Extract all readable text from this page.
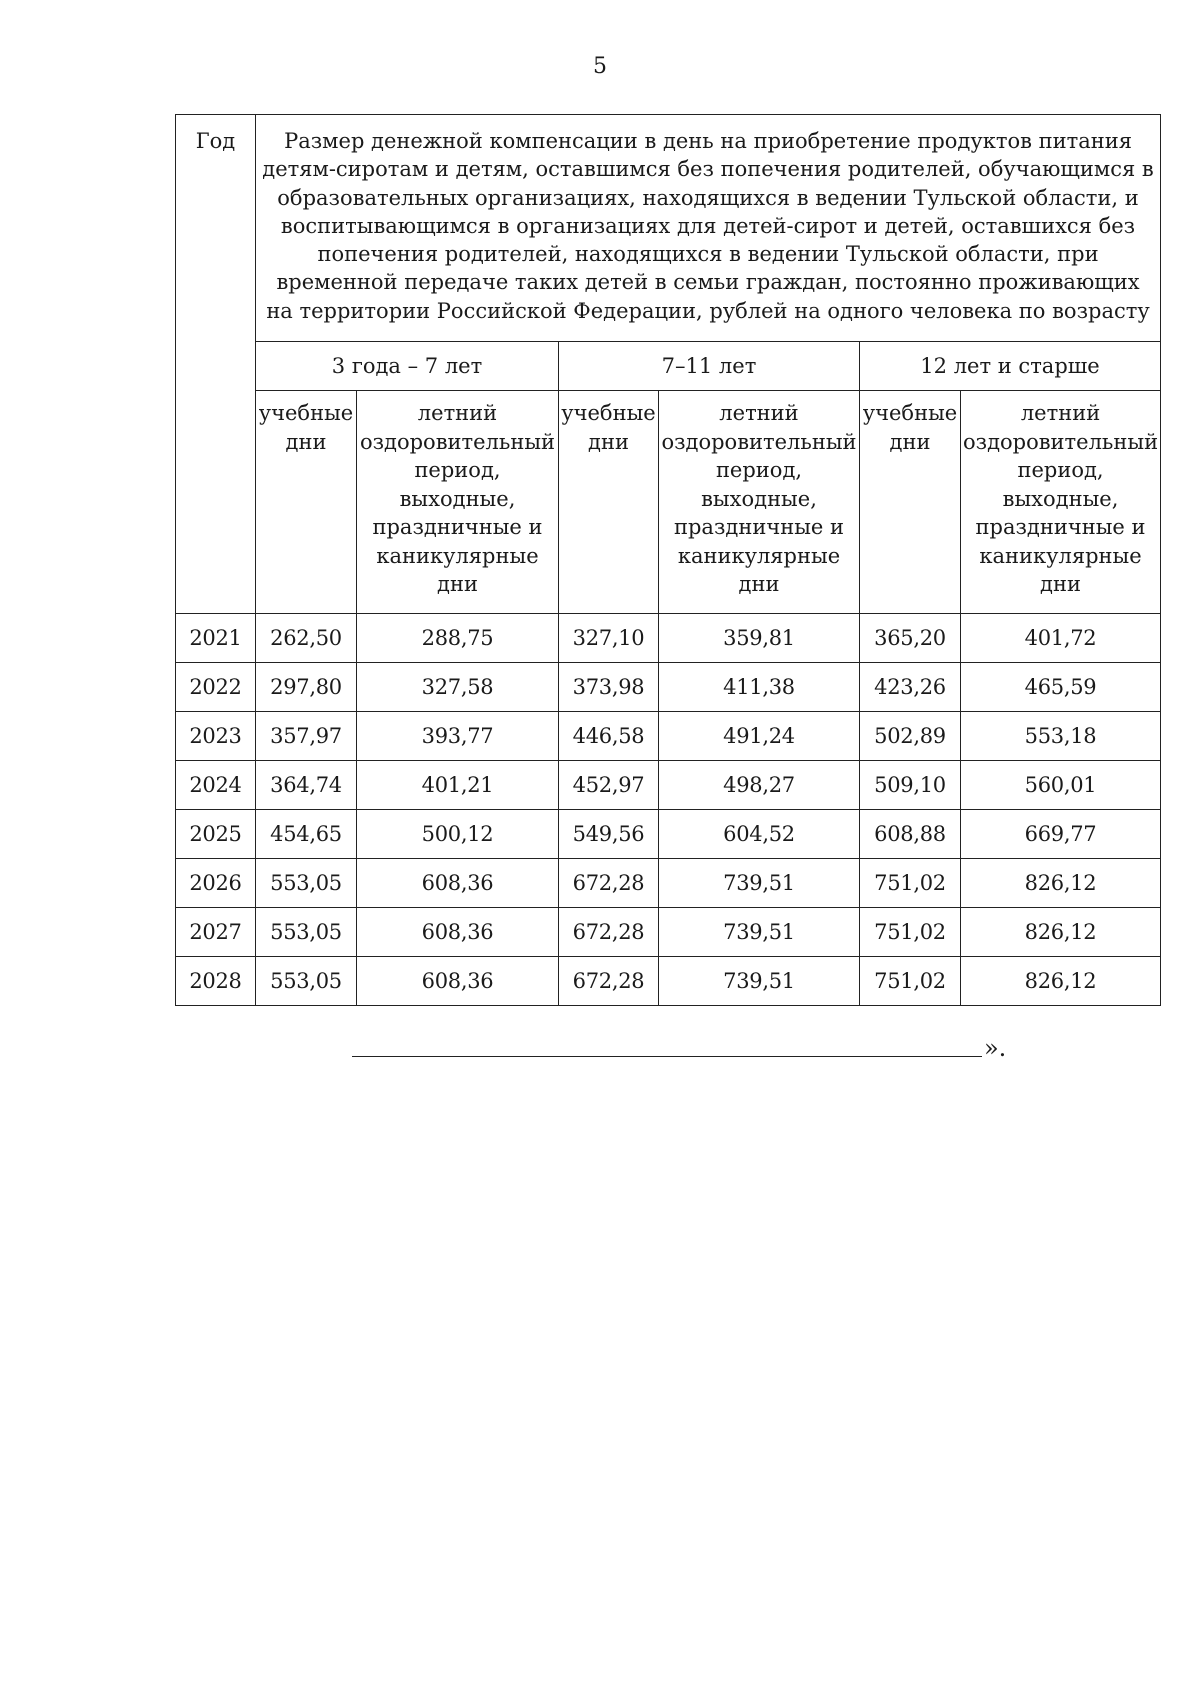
5
Год	Размер денежной компенсации в день на приобретение продуктов питания детям-сиротам и детям, оставшимся без попечения родителей, обучающимся в образовательных организациях, находящихся в ведении Тульской области, и воспитывающимся в организациях для детей-сирот и детей, оставшихся без попечения родителей, находящихся в ведении Тульской области, при временной передаче таких детей в семьи граждан, постоянно проживающих на территории Российской Федерации, рублей на одного человека по возрасту					
	3 года – 7 лет		7–11 лет		12 лет и старше	
	учебные дни	летний оздоровительный период, выходные, праздничные и каникулярные дни	учебные дни	летний оздоровительный период, выходные, праздничные и каникулярные дни	учебные дни	летний оздоровительный период, выходные, праздничные и каникулярные дни
2021	262,50	288,75	327,10	359,81	365,20	401,72
2022	297,80	327,58	373,98	411,38	423,26	465,59
2023	357,97	393,77	446,58	491,24	502,89	553,18
2024	364,74	401,21	452,97	498,27	509,10	560,01
2025	454,65	500,12	549,56	604,52	608,88	669,77
2026	553,05	608,36	672,28	739,51	751,02	826,12
2027	553,05	608,36	672,28	739,51	751,02	826,12
2028	553,05	608,36	672,28	739,51	751,02	826,12
».
